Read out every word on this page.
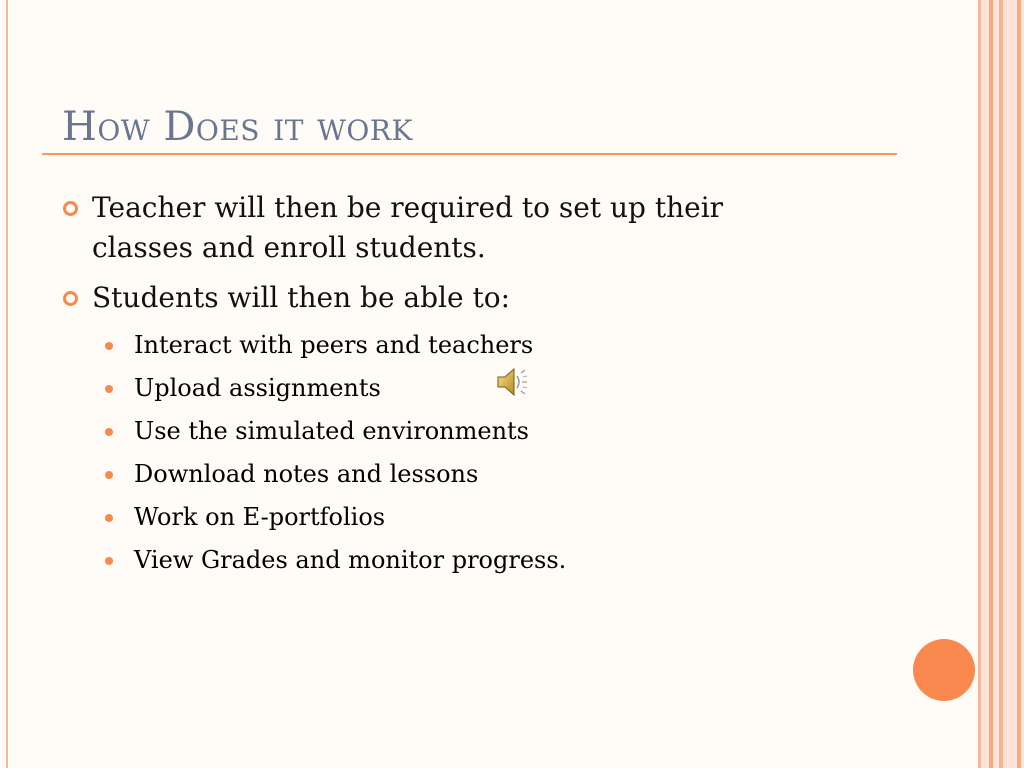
How Does it work
Teacher will then be required to set up their classes and enroll students.
Students will then be able to:
Interact with peers and teachers
Upload assignments
Use the simulated environments
Download notes and lessons
Work on E-portfolios
View Grades and monitor progress.
